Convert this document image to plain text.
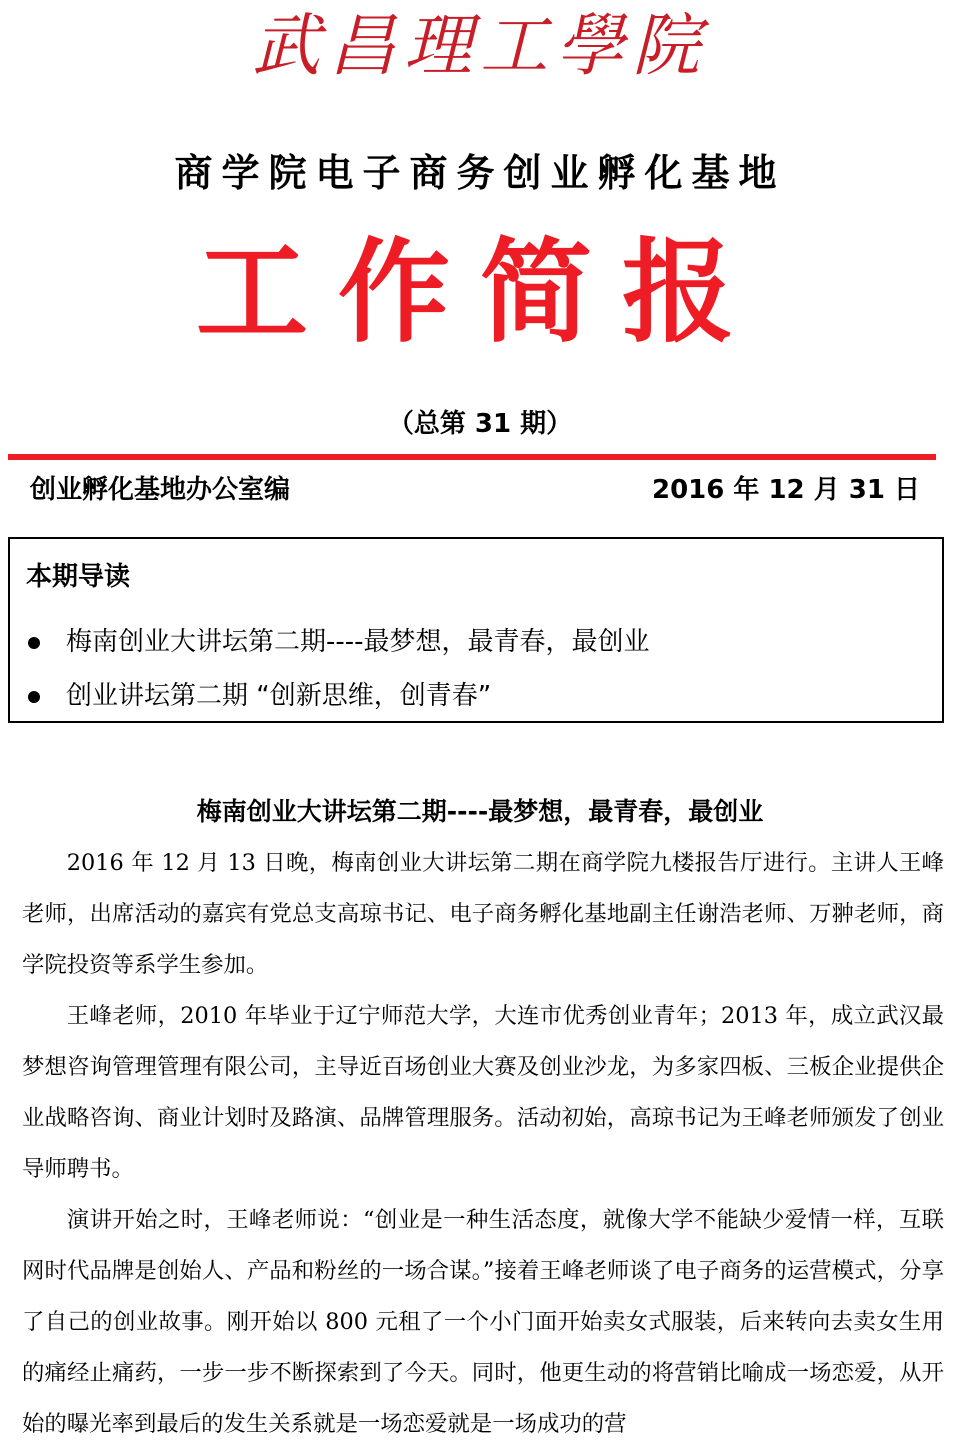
武昌理工學院
商学院电子商务创业孵化基地
工作简报
（总第 31 期）
创业孵化基地办公室编	2016 年 12 月 31 日
本期导读
梅南创业大讲坛第二期----最梦想，最青春，最创业
创业讲坛第二期 “创新思维，创青春”
梅南创业大讲坛第二期----最梦想，最青春，最创业

2016 年 12 月 13 日晚，梅南创业大讲坛第二期在商学院九楼报告厅进行。主讲人王峰老师，出席活动的嘉宾有党总支高琼书记、电子商务孵化基地副主任谢浩老师、万翀老师，商学院投资等系学生参加。

王峰老师，2010 年毕业于辽宁师范大学，大连市优秀创业青年；2013 年，成立武汉最梦想咨询管理管理有限公司，主导近百场创业大赛及创业沙龙，为多家四板、三板企业提供企业战略咨询、商业计划时及路演、品牌管理服务。活动初始，高琼书记为王峰老师颁发了创业导师聘书。

演讲开始之时，王峰老师说：“创业是一种生活态度，就像大学不能缺少爱情一样，互联网时代品牌是创始人、产品和粉丝的一场合谋。”接着王峰老师谈了电子商务的运营模式，分享了自己的创业故事。刚开始以 800 元租了一个小门面开始卖女式服装，后来转向去卖女生用的痛经止痛药，一步一步不断探索到了今天。同时，他更生动的将营销比喻成一场恋爱，从开始的曝光率到最后的发生关系就是一场恋爱就是一场成功的营
